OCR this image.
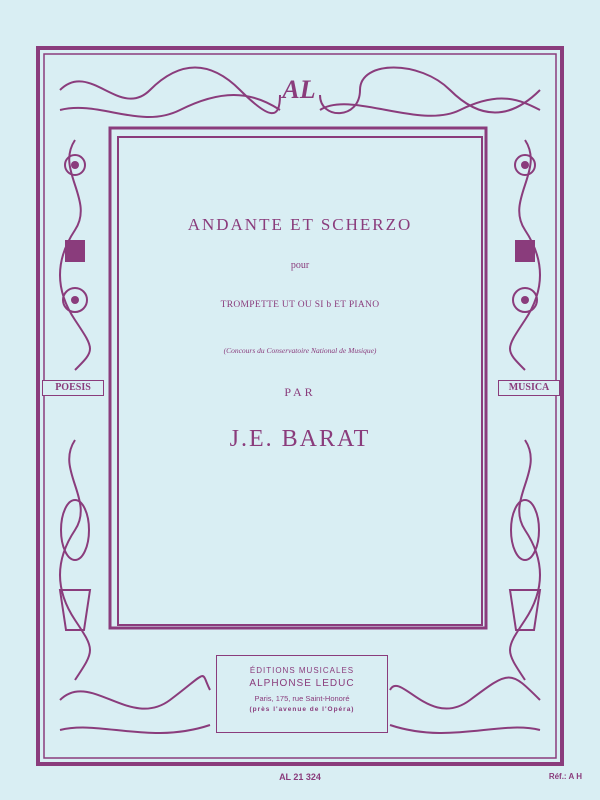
AL
ANDANTE ET SCHERZO
pour
TROMPETTE UT OU SI b ET PIANO
(Concours du Conservatoire National de Musique)
PAR
J.E. BARAT
POESIS	MUSICA
ÉDITIONS MUSICALES
ALPHONSE LEDUC
Paris, 175, rue Saint-Honoré
(près l'avenue de l'Opéra)
AL 21 324	Réf.: A H
